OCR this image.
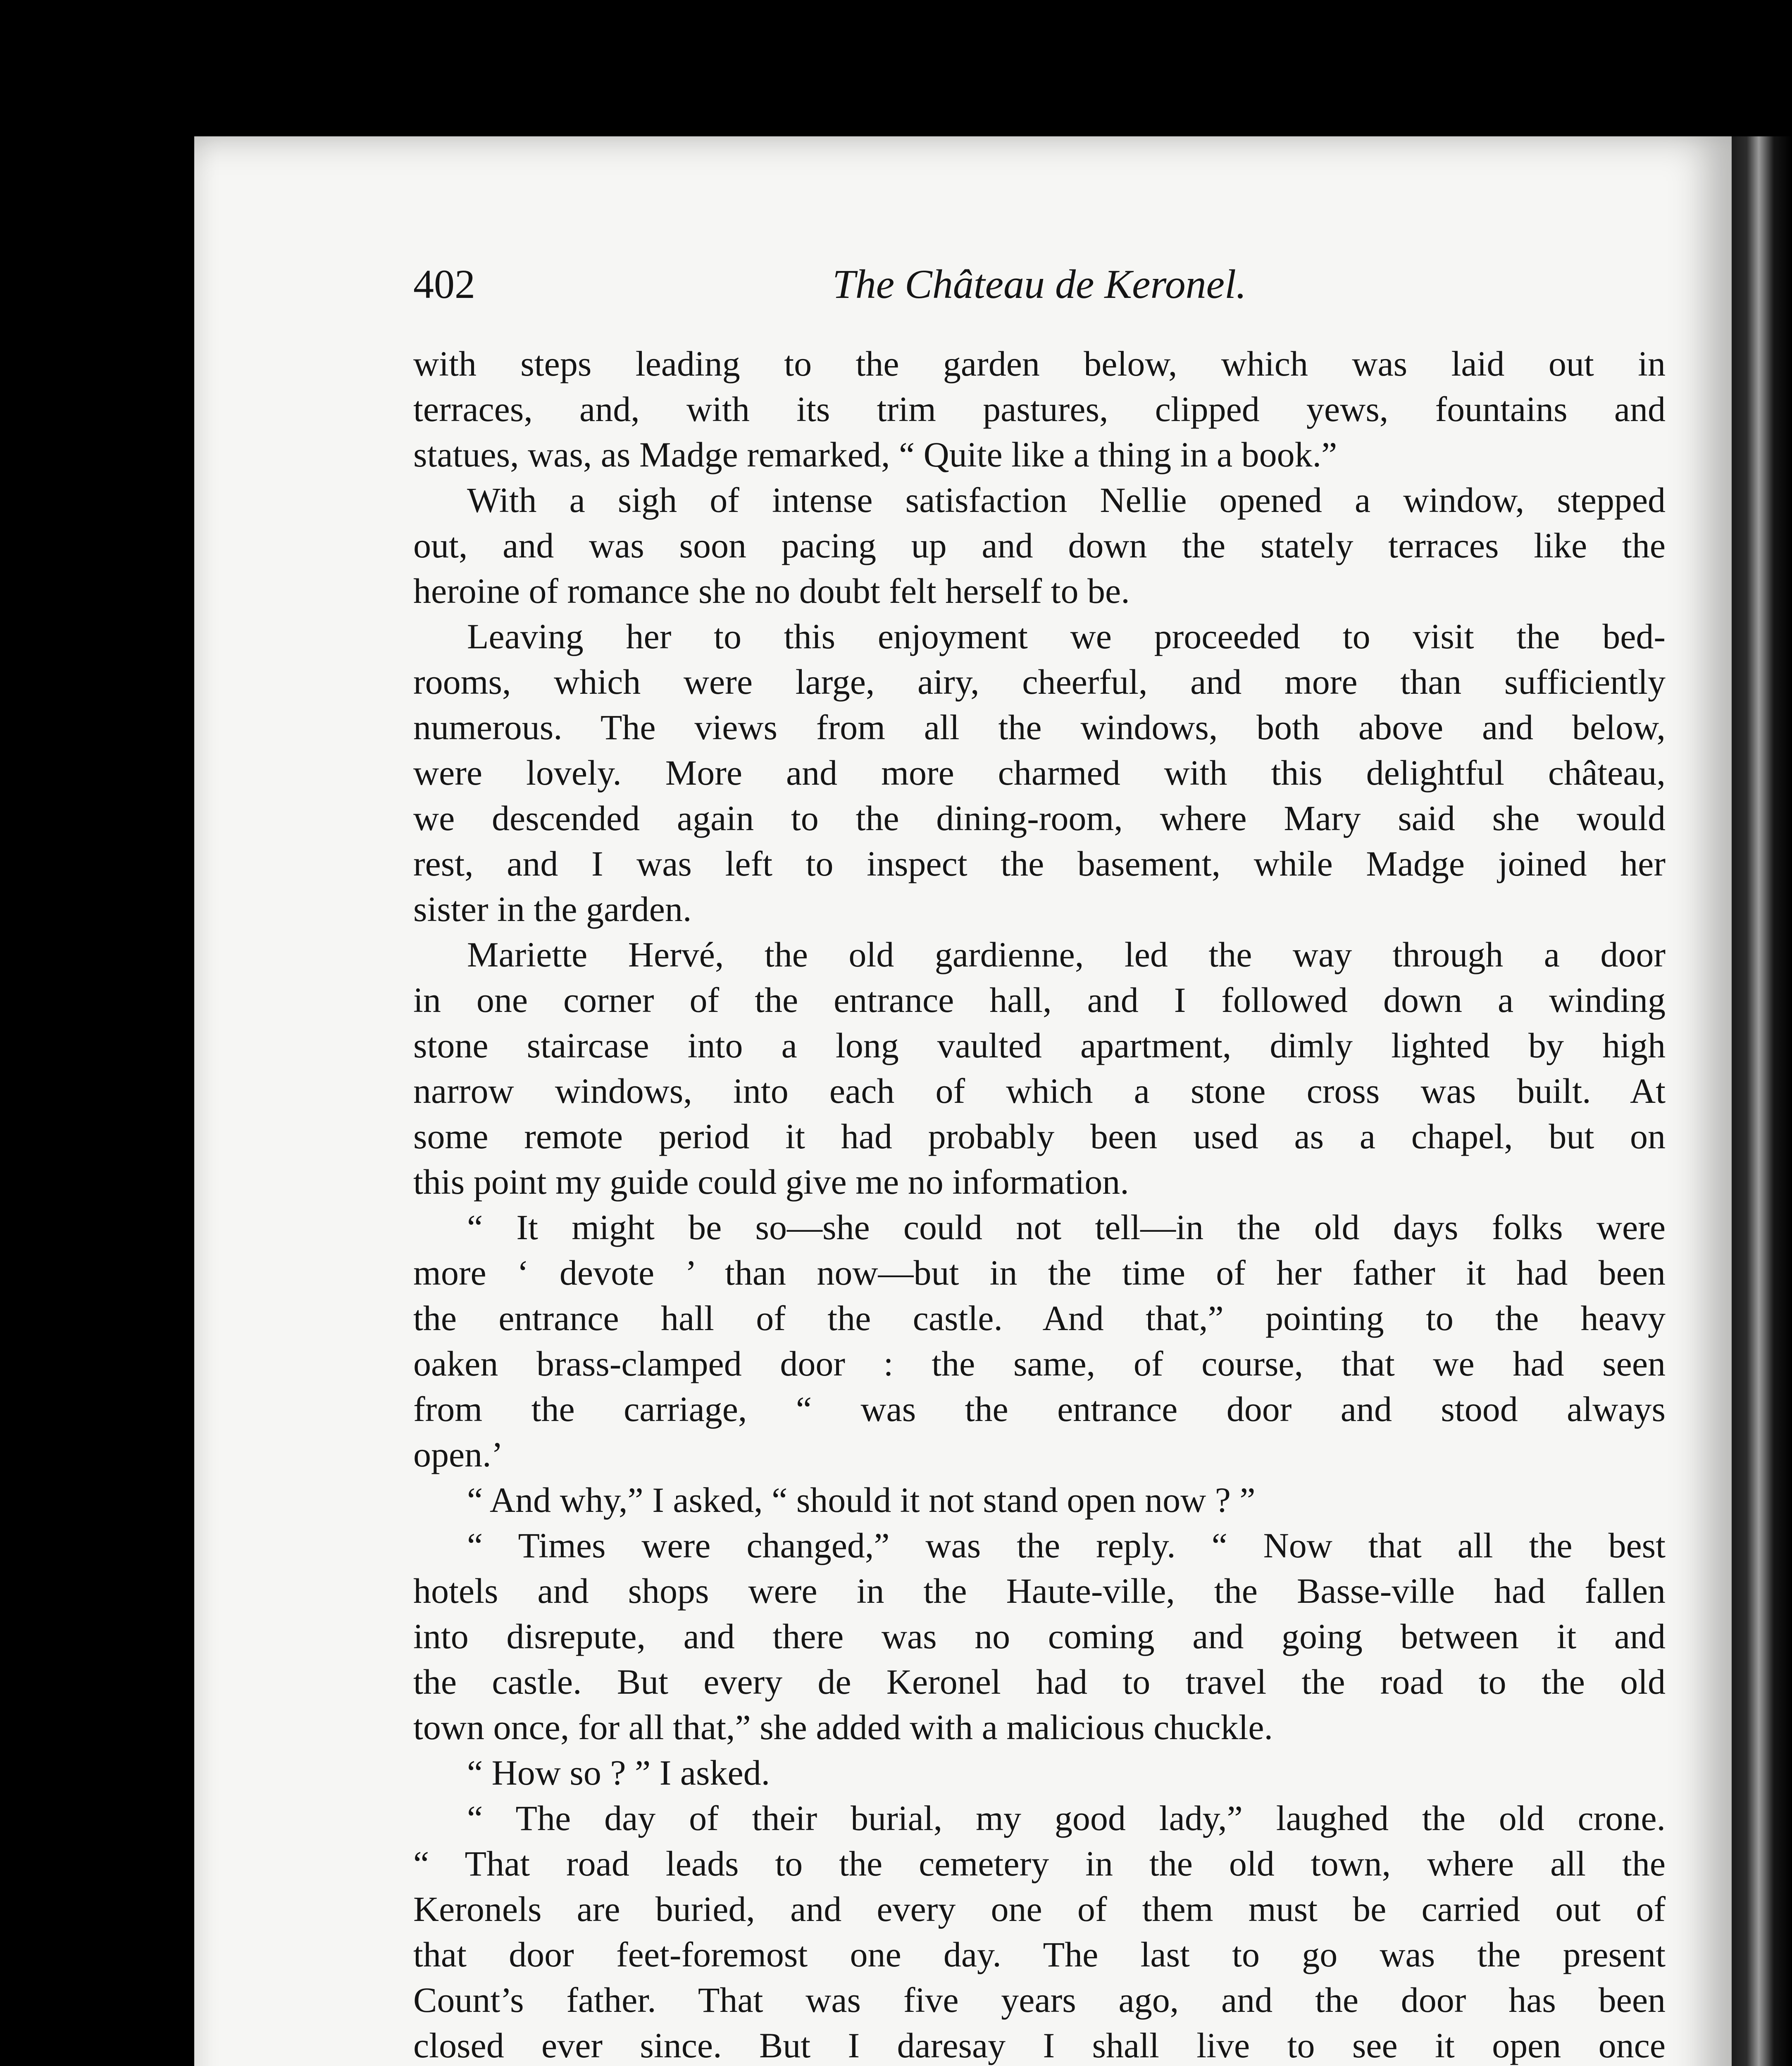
402	The Château de Keronel.
with steps leading to the garden below, which was laid out in
terraces, and, with its trim pastures, clipped yews, fountains and
statues, was, as Madge remarked, “ Quite like a thing in a book.”
With a sigh of intense satisfaction Nellie opened a window, stepped
out, and was soon pacing up and down the stately terraces like the
heroine of romance she no doubt felt herself to be.
Leaving her to this enjoyment we proceeded to visit the bed-
rooms, which were large, airy, cheerful, and more than sufficiently
numerous. The views from all the windows, both above and below,
were lovely. More and more charmed with this delightful château,
we descended again to the dining-room, where Mary said she would
rest, and I was left to inspect the basement, while Madge joined her
sister in the garden.
Mariette Hervé, the old gardienne, led the way through a door
in one corner of the entrance hall, and I followed down a winding
stone staircase into a long vaulted apartment, dimly lighted by high
narrow windows, into each of which a stone cross was built. At
some remote period it had probably been used as a chapel, but on
this point my guide could give me no information.
“ It might be so—she could not tell—in the old days folks were
more ‘ devote ’ than now—but in the time of her father it had been
the entrance hall of the castle. And that,” pointing to the heavy
oaken brass-clamped door : the same, of course, that we had seen
from the carriage, “ was the entrance door and stood always
open.’
“ And why,” I asked, “ should it not stand open now ? ”
“ Times were changed,” was the reply. “ Now that all the best
hotels and shops were in the Haute-ville, the Basse-ville had fallen
into disrepute, and there was no coming and going between it and
the castle. But every de Keronel had to travel the road to the old
town once, for all that,” she added with a malicious chuckle.
“ How so ? ” I asked.
“ The day of their burial, my good lady,” laughed the old crone.
“ That road leads to the cemetery in the old town, where all the
Keronels are buried, and every one of them must be carried out of
that door feet-foremost one day. The last to go was the present
Count’s father. That was five years ago, and the door has been
closed ever since. But I daresay I shall live to see it open once
